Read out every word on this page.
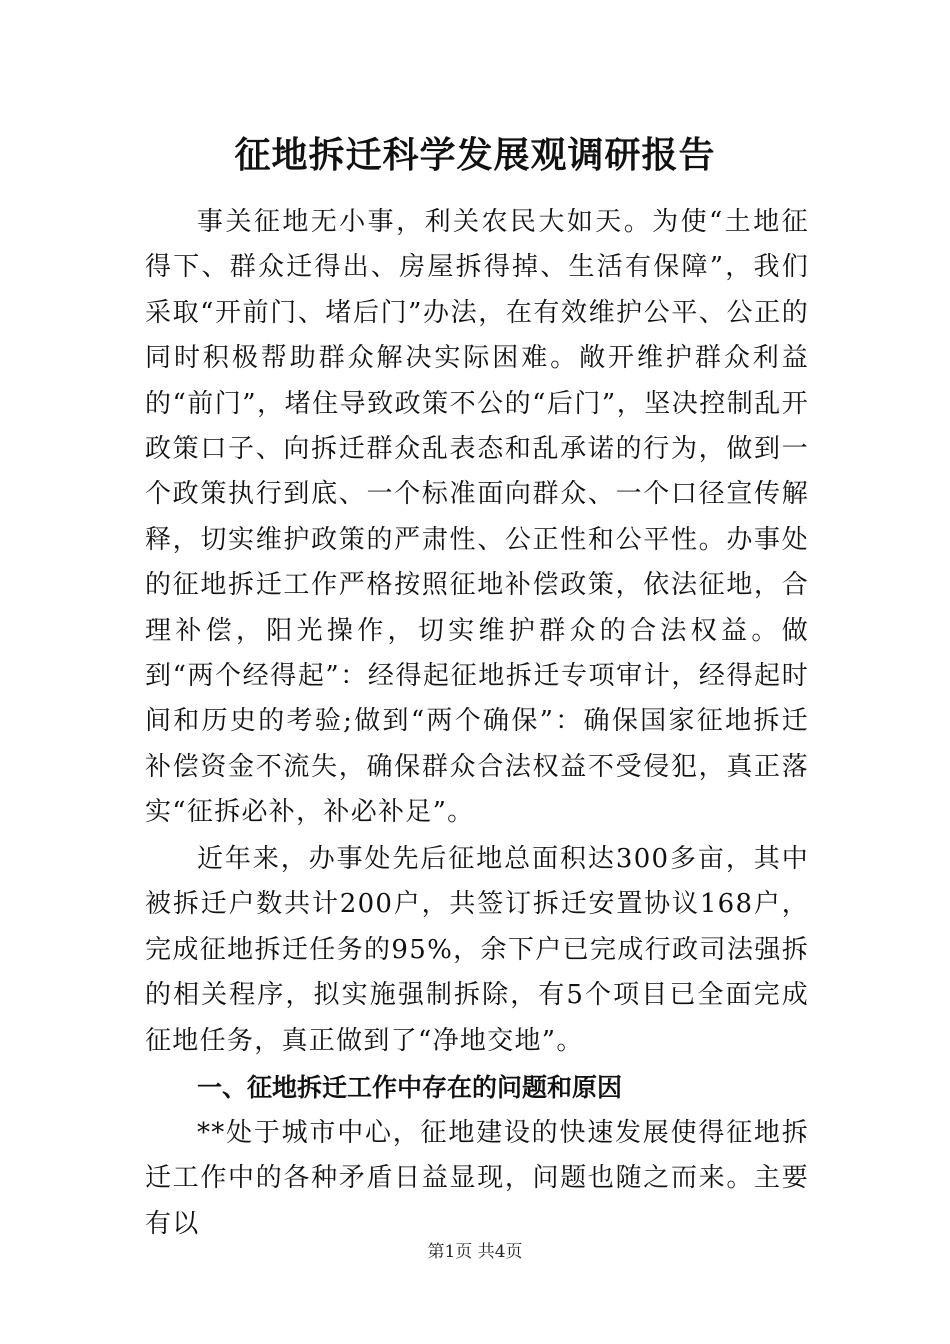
征地拆迁科学发展观调研报告

事关征地无小事，利关农民大如天。为使“土地征得下、群众迁得出、房屋拆得掉、生活有保障”，我们采取“开前门、堵后门”办法，在有效维护公平、公正的同时积极帮助群众解决实际困难。敞开维护群众利益的“前门”，堵住导致政策不公的“后门”，坚决控制乱开政策口子、向拆迁群众乱表态和乱承诺的行为，做到一个政策执行到底、一个标准面向群众、一个口径宣传解释，切实维护政策的严肃性、公正性和公平性。办事处的征地拆迁工作严格按照征地补偿政策，依法征地，合理补偿，阳光操作，切实维护群众的合法权益。做到“两个经得起”：经得起征地拆迁专项审计，经得起时间和历史的考验;做到“两个确保”：确保国家征地拆迁补偿资金不流失，确保群众合法权益不受侵犯，真正落实“征拆必补，补必补足”。

近年来，办事处先后征地总面积达300多亩，其中被拆迁户数共计200户，共签订拆迁安置协议168户，完成征地拆迁任务的95%，余下户已完成行政司法强拆的相关程序，拟实施强制拆除，有5个项目已全面完成征地任务，真正做到了“净地交地”。

一、征地拆迁工作中存在的问题和原因

**处于城市中心，征地建设的快速发展使得征地拆迁工作中的各种矛盾日益显现，问题也随之而来。主要有以

第1页 共4页
